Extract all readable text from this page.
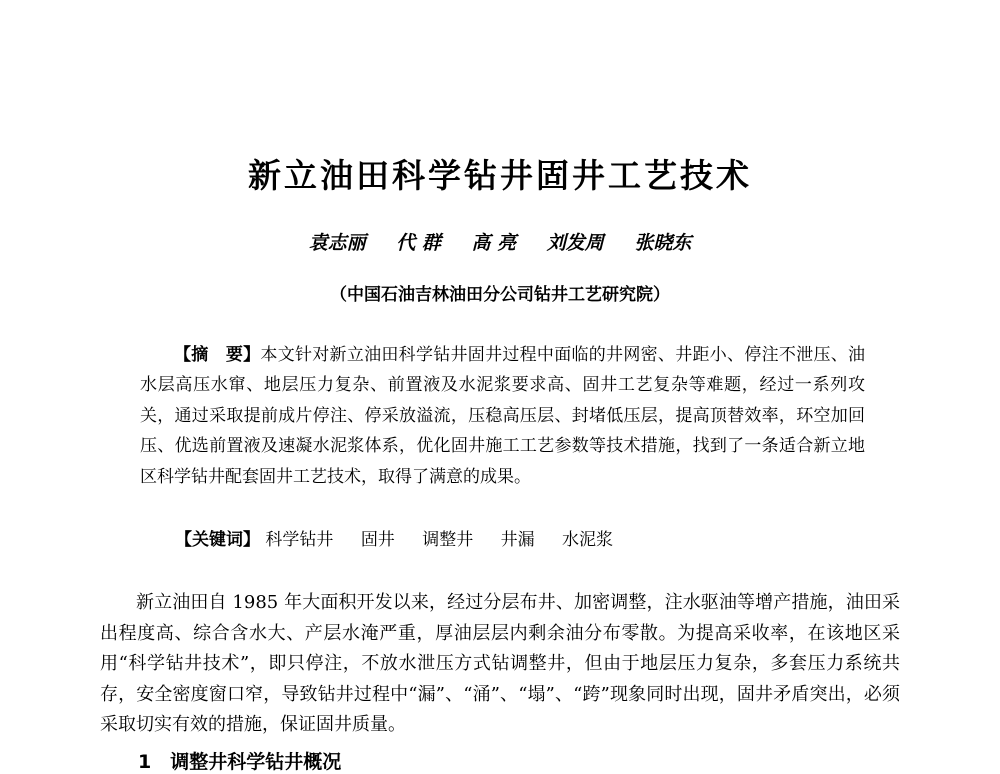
新立油田科学钻井固井工艺技术
袁志丽 代 群 高 亮 刘发周 张晓东
（中国石油吉林油田分公司钻井工艺研究院）
【摘　要】本文针对新立油田科学钻井固井过程中面临的井网密、井距小、停注不泄压、油水层高压水窜、地层压力复杂、前置液及水泥浆要求高、固井工艺复杂等难题，经过一系列攻关，通过采取提前成片停注、停采放溢流，压稳高压层、封堵低压层，提高顶替效率，环空加回压、优选前置液及速凝水泥浆体系，优化固井施工工艺参数等技术措施，找到了一条适合新立地区科学钻井配套固井工艺技术，取得了满意的成果。
【关键词】 科学钻井 固井 调整井 井漏 水泥浆
新立油田自 1985 年大面积开发以来，经过分层布井、加密调整，注水驱油等增产措施，油田采出程度高、综合含水大、产层水淹严重，厚油层层内剩余油分布零散。为提高采收率，在该地区采用“科学钻井技术”，即只停注，不放水泄压方式钻调整井，但由于地层压力复杂，多套压力系统共存，安全密度窗口窄，导致钻井过程中“漏”、“涌”、“塌”、“跨”现象同时出现，固井矛盾突出，必须采取切实有效的措施，保证固井质量。
1　调整井科学钻井概况
